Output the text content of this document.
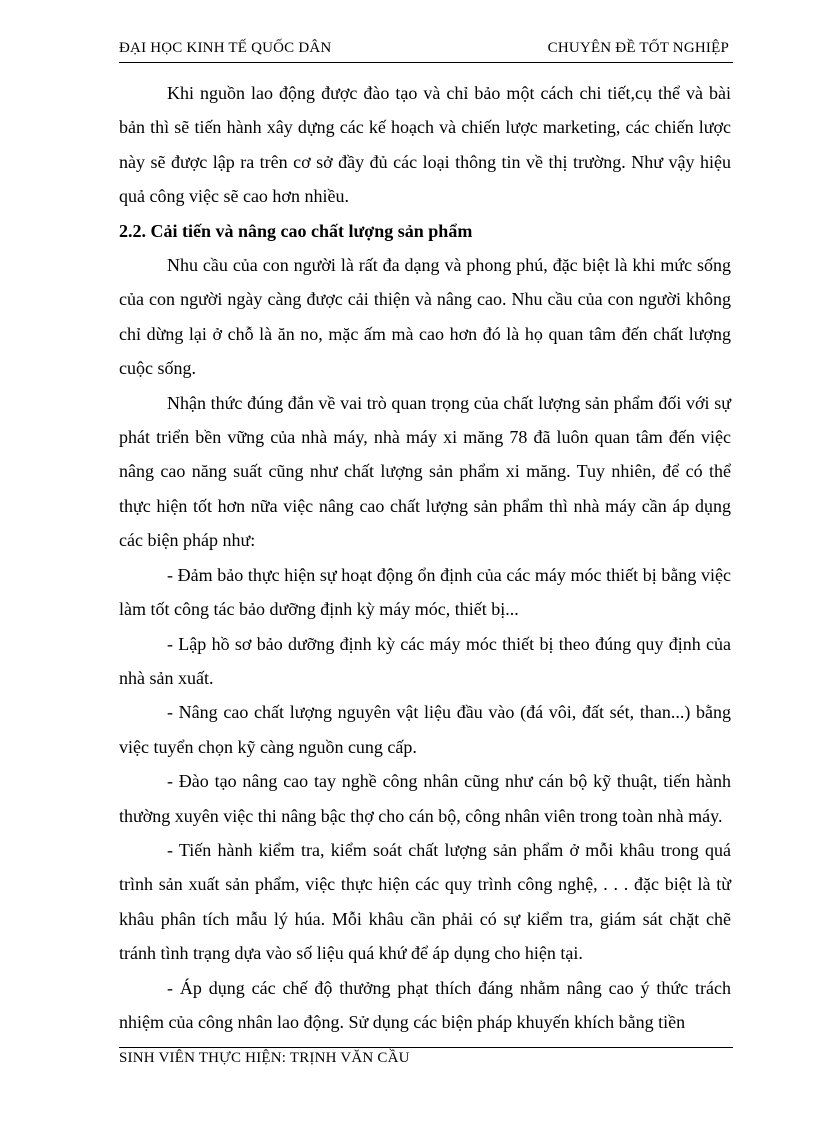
ĐẠI HỌC KINH TẾ QUỐC DÂN	CHUYÊN ĐỀ TỐT NGHIỆP

Khi nguồn lao động được đào tạo và chỉ bảo một cách chi tiết,cụ thể và bài bản thì sẽ tiến hành xây dựng các kế hoạch và chiến lược marketing, các chiến lược này sẽ được lập ra trên cơ sở đầy đủ các loại thông tin về thị trường. Như vậy hiệu quả công việc sẽ cao hơn nhiều.

2.2. Cải tiến và nâng cao chất lượng sản phẩm

Nhu cầu của con người là rất đa dạng và phong phú, đặc biệt là khi mức sống của con người ngày càng được cải thiện và nâng cao. Nhu cầu của con người không chỉ dừng lại ở chỗ là ăn no, mặc ấm mà cao hơn đó là họ quan tâm đến chất lượng cuộc sống.

Nhận thức đúng đắn về vai trò quan trọng của chất lượng sản phẩm đối với sự phát triển bền vững của nhà máy, nhà máy xi măng 78 đã luôn quan tâm đến việc nâng cao năng suất cũng như chất lượng sản phẩm xi măng. Tuy nhiên, để có thể thực hiện tốt hơn nữa việc nâng cao chất lượng sản phẩm thì nhà máy cần áp dụng các biện pháp như:

- Đảm bảo thực hiện sự hoạt động ổn định của các máy móc thiết bị bằng việc làm tốt công tác bảo dưỡng định kỳ máy móc, thiết bị...

- Lập hồ sơ bảo dưỡng định kỳ các máy móc thiết bị theo đúng quy định của nhà sản xuất.

- Nâng cao chất lượng nguyên vật liệu đầu vào (đá vôi, đất sét, than...) bằng việc tuyển chọn kỹ càng nguồn cung cấp.

- Đào tạo nâng cao tay nghề công nhân cũng như cán bộ kỹ thuật, tiến hành thường xuyên việc thi nâng bậc thợ cho cán bộ, công nhân viên trong toàn nhà máy.

- Tiến hành kiểm tra, kiểm soát chất lượng sản phẩm ở mỗi khâu trong quá trình sản xuất sản phẩm, việc thực hiện các quy trình công nghệ, . . . đặc biệt là từ khâu phân tích mẫu lý húa. Mỗi khâu cần phải có sự kiểm tra, giám sát chặt chẽ tránh tình trạng dựa vào số liệu quá khứ để áp dụng cho hiện tại.

- Áp dụng các chế độ thưởng phạt thích đáng nhằm nâng cao ý thức trách nhiệm của công nhân lao động. Sử dụng các biện pháp khuyến khích bằng tiền

SINH VIÊN THỰC HIỆN: TRỊNH VĂN CẦU
